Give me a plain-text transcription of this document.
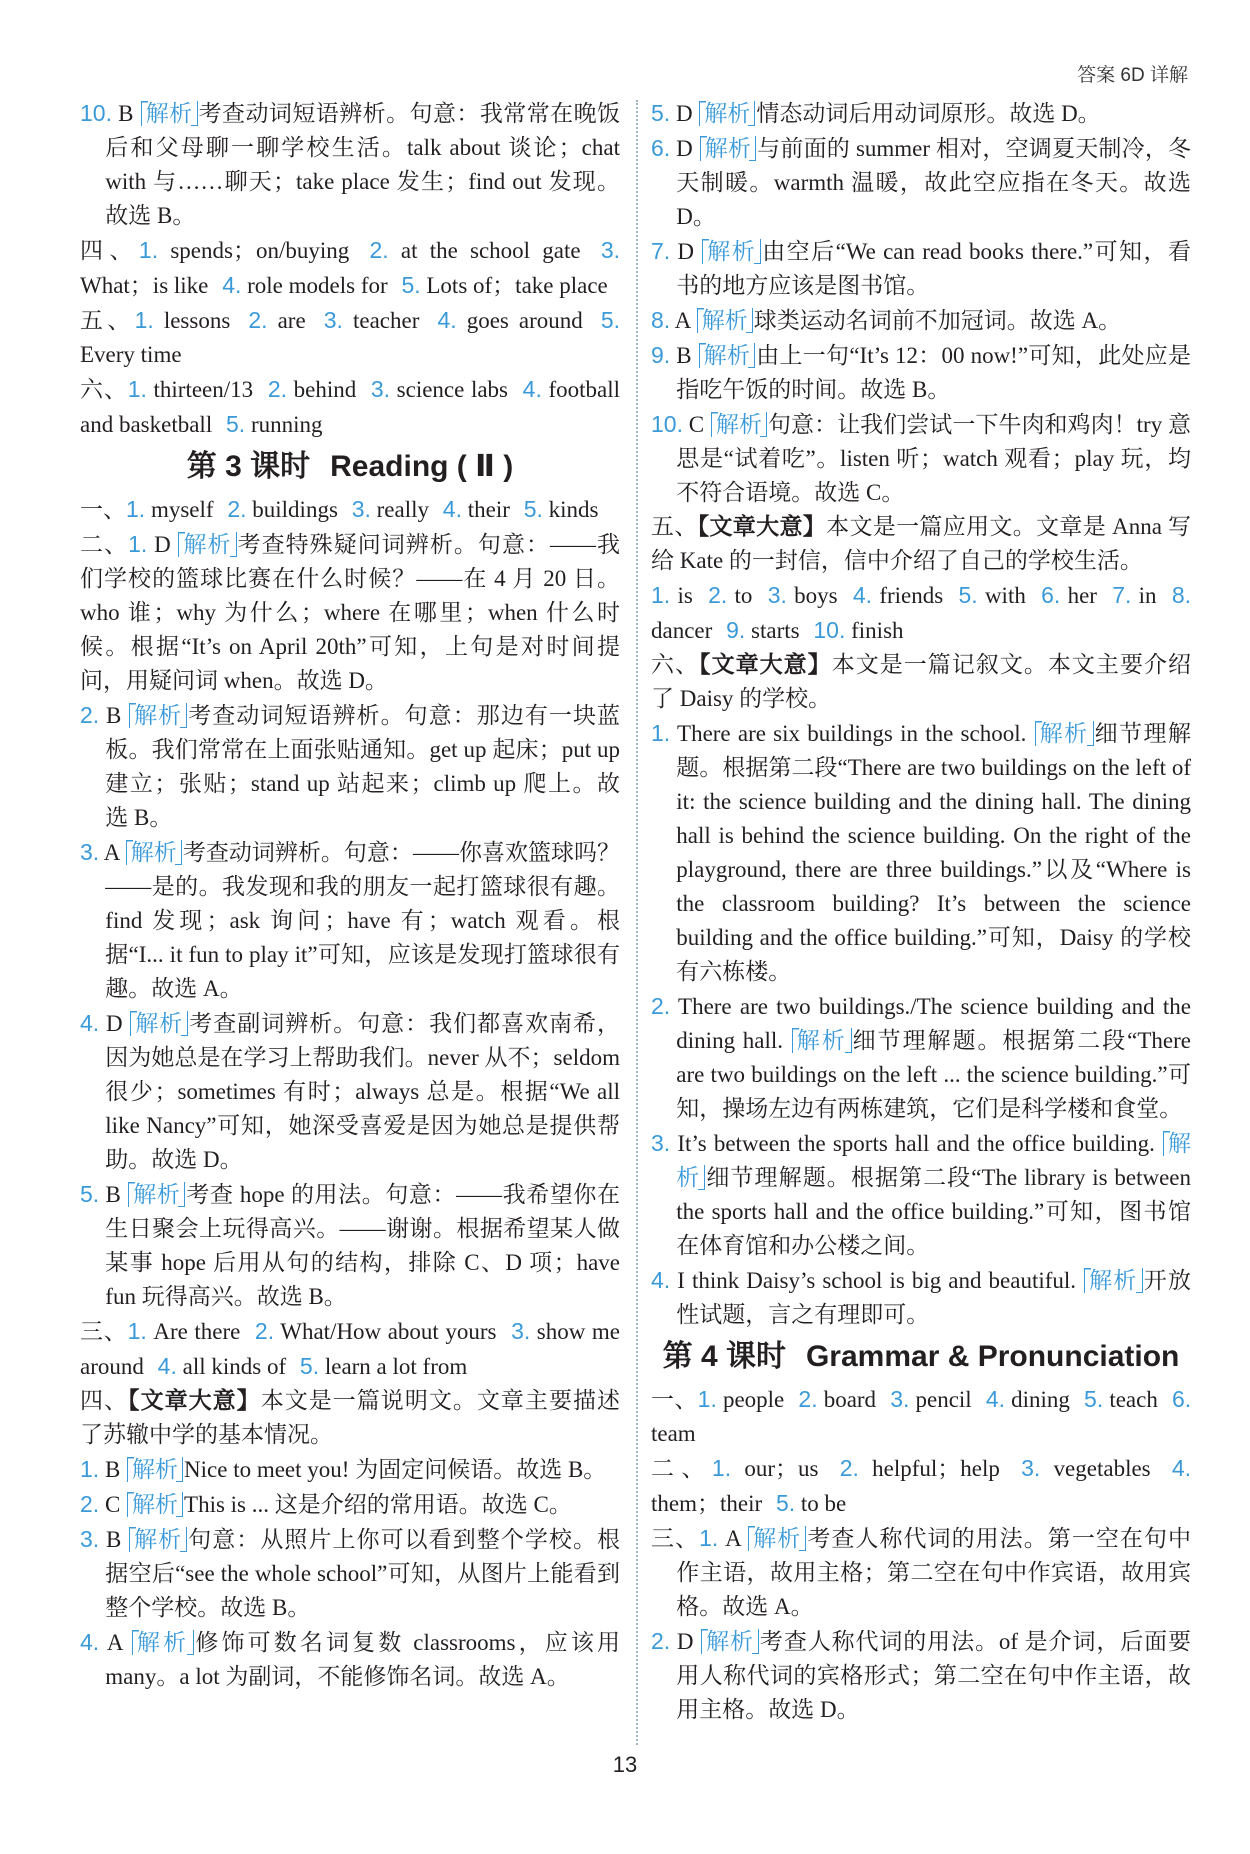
答案 6D 详解
10. B 解析 考查动词短语辨析。句意：我常常在晚饭后和父母聊一聊学校生活。talk about 谈论；chat with 与……聊天；take place 发生；find out 发现。故选 B。
四、1. spends；on/buying 2. at the school gate 3. What；is like 4. role models for 5. Lots of；take place
五、1. lessons 2. are 3. teacher 4. goes around 5. Every time
六、1. thirteen/13 2. behind 3. science labs 4. football and basketball 5. running
第 3 课时 Reading ( Ⅱ )
一、1. myself 2. buildings 3. really 4. their 5. kinds
二、1. D 解析 考查特殊疑问词辨析。句意：——我们学校的篮球比赛在什么时候？——在 4 月 20 日。who 谁；why 为什么；where 在哪里；when 什么时候。根据“It’s on April 20th”可知，上句是对时间提问，用疑问词 when。故选 D。
2. B 解析 考查动词短语辨析。句意：那边有一块蓝板。我们常常在上面张贴通知。get up 起床；put up 建立；张贴；stand up 站起来；climb up 爬上。故选 B。
3. A 解析 考查动词辨析。句意：——你喜欢篮球吗？——是的。我发现和我的朋友一起打篮球很有趣。find 发现；ask 询问；have 有；watch 观看。根据“I... it fun to play it”可知，应该是发现打篮球很有趣。故选 A。
4. D 解析 考查副词辨析。句意：我们都喜欢南希，因为她总是在学习上帮助我们。never 从不；seldom 很少；sometimes 有时；always 总是。根据“We all like Nancy”可知，她深受喜爱是因为她总是提供帮助。故选 D。
5. B 解析 考查 hope 的用法。句意：——我希望你在生日聚会上玩得高兴。——谢谢。根据希望某人做某事 hope 后用从句的结构，排除 C、D 项；have fun 玩得高兴。故选 B。
三、1. Are there 2. What/How about yours 3. show me around 4. all kinds of 5. learn a lot from
四、【文章大意】本文是一篇说明文。文章主要描述了苏辙中学的基本情况。
1. B 解析 Nice to meet you! 为固定问候语。故选 B。
2. C 解析 This is ... 这是介绍的常用语。故选 C。
3. B 解析 句意：从照片上你可以看到整个学校。根据空后“see the whole school”可知，从图片上能看到整个学校。故选 B。
4. A 解析 修饰可数名词复数 classrooms，应该用 many。a lot 为副词，不能修饰名词。故选 A。
5. D 解析 情态动词后用动词原形。故选 D。
6. D 解析 与前面的 summer 相对，空调夏天制冷，冬天制暖。warmth 温暖，故此空应指在冬天。故选 D。
7. D 解析 由空后“We can read books there.”可知，看书的地方应该是图书馆。
8. A 解析 球类运动名词前不加冠词。故选 A。
9. B 解析 由上一句“It’s 12：00 now!”可知，此处应是指吃午饭的时间。故选 B。
10. C 解析 句意：让我们尝试一下牛肉和鸡肉！try 意思是“试着吃”。listen 听；watch 观看；play 玩，均不符合语境。故选 C。
五、【文章大意】本文是一篇应用文。文章是 Anna 写给 Kate 的一封信，信中介绍了自己的学校生活。
1. is 2. to 3. boys 4. friends 5. with 6. her 7. in 8. dancer 9. starts 10. finish
六、【文章大意】本文是一篇记叙文。本文主要介绍了 Daisy 的学校。
1. There are six buildings in the school. 解析 细节理解题。根据第二段“There are two buildings on the left of it: the science building and the dining hall. The dining hall is behind the science building. On the right of the playground, there are three buildings.”以及“Where is the classroom building? It’s between the science building and the office building.”可知，Daisy 的学校有六栋楼。
2. There are two buildings./The science building and the dining hall. 解析 细节理解题。根据第二段“There are two buildings on the left ... the science building.”可知，操场左边有两栋建筑，它们是科学楼和食堂。
3. It’s between the sports hall and the office building. 解析 细节理解题。根据第二段“The library is between the sports hall and the office building.”可知，图书馆在体育馆和办公楼之间。
4. I think Daisy’s school is big and beautiful. 解析 开放性试题，言之有理即可。
第 4 课时 Grammar & Pronunciation
一、1. people 2. board 3. pencil 4. dining 5. teach 6. team
二、1. our；us 2. helpful；help 3. vegetables 4. them；their 5. to be
三、1. A 解析 考查人称代词的用法。第一空在句中作主语，故用主格；第二空在句中作宾语，故用宾格。故选 A。
2. D 解析 考查人称代词的用法。of 是介词，后面要用人称代词的宾格形式；第二空在句中作主语，故用主格。故选 D。
13
